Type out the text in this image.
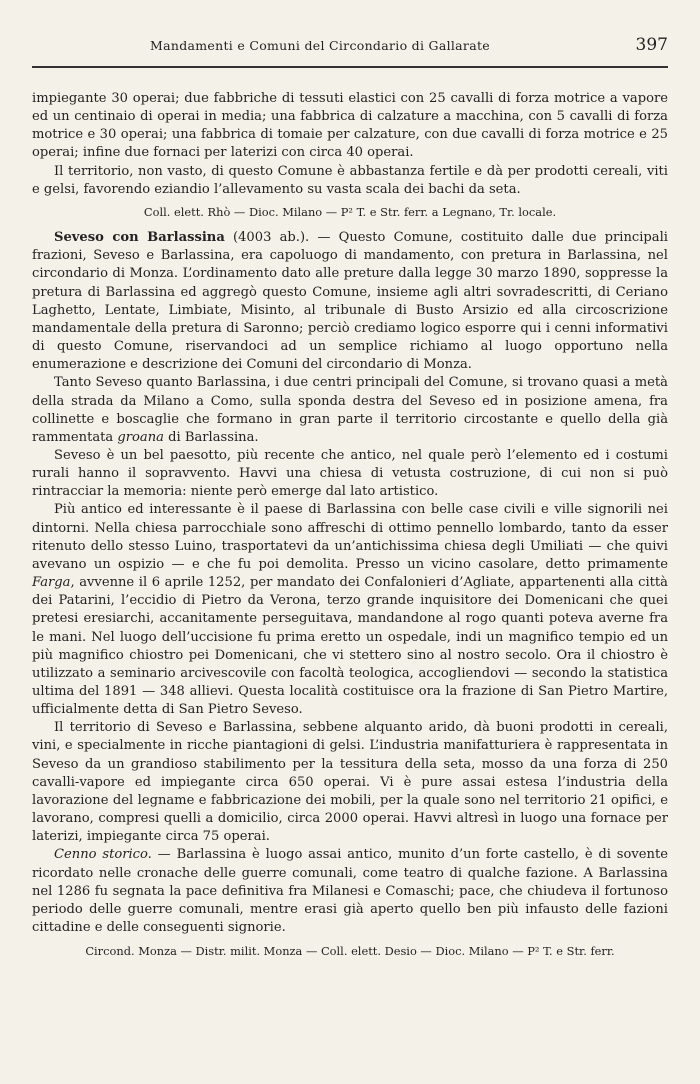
Mandamenti e Comuni del Circondario di Gallarate	397

impiegante 30 operai; due fabbriche di tessuti elastici con 25 cavalli di forza motrice a vapore ed un centinaio di operai in media; una fabbrica di calzature a macchina, con 5 cavalli di forza motrice e 30 operai; una fabbrica di tomaie per calzature, con due cavalli di forza motrice e 25 operai; infine due fornaci per laterizi con circa 40 operai.

Il territorio, non vasto, di questo Comune è abbastanza fertile e dà per prodotti cereali, viti e gelsi, favorendo eziandio l’allevamento su vasta scala dei bachi da seta.

Coll. elett. Rhò — Dioc. Milano — P² T. e Str. ferr. a Legnano, Tr. locale.

Seveso con Barlassina (4003 ab.). — Questo Comune, costituito dalle due principali frazioni, Seveso e Barlassina, era capoluogo di mandamento, con pretura in Barlassina, nel circondario di Monza. L’ordinamento dato alle preture dalla legge 30 marzo 1890, soppresse la pretura di Barlassina ed aggregò questo Comune, insieme agli altri sovradescritti, di Ceriano Laghetto, Lentate, Limbiate, Misinto, al tribunale di Busto Arsizio ed alla circoscrizione mandamentale della pretura di Saronno; perciò crediamo logico esporre qui i cenni informativi di questo Comune, riservandoci ad un semplice richiamo al luogo opportuno nella enumerazione e descrizione dei Comuni del circondario di Monza.

Tanto Seveso quanto Barlassina, i due centri principali del Comune, si trovano quasi a metà della strada da Milano a Como, sulla sponda destra del Seveso ed in posizione amena, fra collinette e boscaglie che formano in gran parte il territorio circostante e quello della già rammentata groana di Barlassina.

Seveso è un bel paesotto, più recente che antico, nel quale però l’elemento ed i costumi rurali hanno il sopravvento. Havvi una chiesa di vetusta costruzione, di cui non si può rintracciar la memoria: niente però emerge dal lato artistico.

Più antico ed interessante è il paese di Barlassina con belle case civili e ville signorili nei dintorni. Nella chiesa parrocchiale sono affreschi di ottimo pennello lombardo, tanto da esser ritenuto dello stesso Luino, trasportatevi da un’antichissima chiesa degli Umiliati — che quivi avevano un ospizio — e che fu poi demolita. Presso un vicino casolare, detto primamente Farga, avvenne il 6 aprile 1252, per mandato dei Confalonieri d’Agliate, appartenenti alla città dei Patarini, l’eccidio di Pietro da Verona, terzo grande inquisitore dei Domenicani che quei pretesi eresiarchi, accanitamente perseguitava, mandandone al rogo quanti poteva averne fra le mani. Nel luogo dell’uccisione fu prima eretto un ospedale, indi un magnifico tempio ed un più magnifico chiostro pei Domenicani, che vi stettero sino al nostro secolo. Ora il chiostro è utilizzato a seminario arcivescovile con facoltà teologica, accogliendovi — secondo la statistica ultima del 1891 — 348 allievi. Questa località costituisce ora la frazione di San Pietro Martire, ufficialmente detta di San Pietro Seveso.

Il territorio di Seveso e Barlassina, sebbene alquanto arido, dà buoni prodotti in cereali, vini, e specialmente in ricche piantagioni di gelsi. L’industria manifatturiera è rappresentata in Seveso da un grandioso stabilimento per la tessitura della seta, mosso da una forza di 250 cavalli-vapore ed impiegante circa 650 operai. Vi è pure assai estesa l’industria della lavorazione del legname e fabbricazione dei mobili, per la quale sono nel territorio 21 opifici, e lavorano, compresi quelli a domicilio, circa 2000 operai. Havvi altresì in luogo una fornace per laterizi, impiegante circa 75 operai.

Cenno storico. — Barlassina è luogo assai antico, munito d’un forte castello, è di sovente ricordato nelle cronache delle guerre comunali, come teatro di qualche fazione. A Barlassina nel 1286 fu segnata la pace definitiva fra Milanesi e Comaschi; pace, che chiudeva il fortunoso periodo delle guerre comunali, mentre erasi già aperto quello ben più infausto delle fazioni cittadine e delle conseguenti signorie.

Circond. Monza — Distr. milit. Monza — Coll. elett. Desio — Dioc. Milano — P² T. e Str. ferr.
